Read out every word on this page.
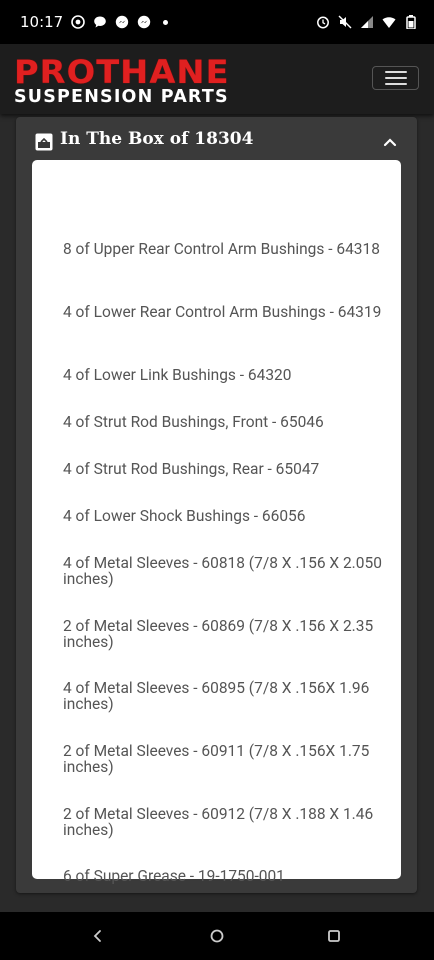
10:17
PROTHANE
SUSPENSION PARTS
In The Box of 18304
8 of Upper Rear Control Arm Bushings - 64318
4 of Lower Rear Control Arm Bushings - 64319
4 of Lower Link Bushings - 64320
4 of Strut Rod Bushings, Front - 65046
4 of Strut Rod Bushings, Rear - 65047
4 of Lower Shock Bushings - 66056
4 of Metal Sleeves - 60818 (7/8 X .156 X 2.050 inches)
2 of Metal Sleeves - 60869 (7/8 X .156 X 2.35 inches)
4 of Metal Sleeves - 60895 (7/8 X .156X 1.96 inches)
2 of Metal Sleeves - 60911 (7/8 X .156X 1.75 inches)
2 of Metal Sleeves - 60912 (7/8 X .188 X 1.46 inches)
6 of Super Grease - 19-1750-001
